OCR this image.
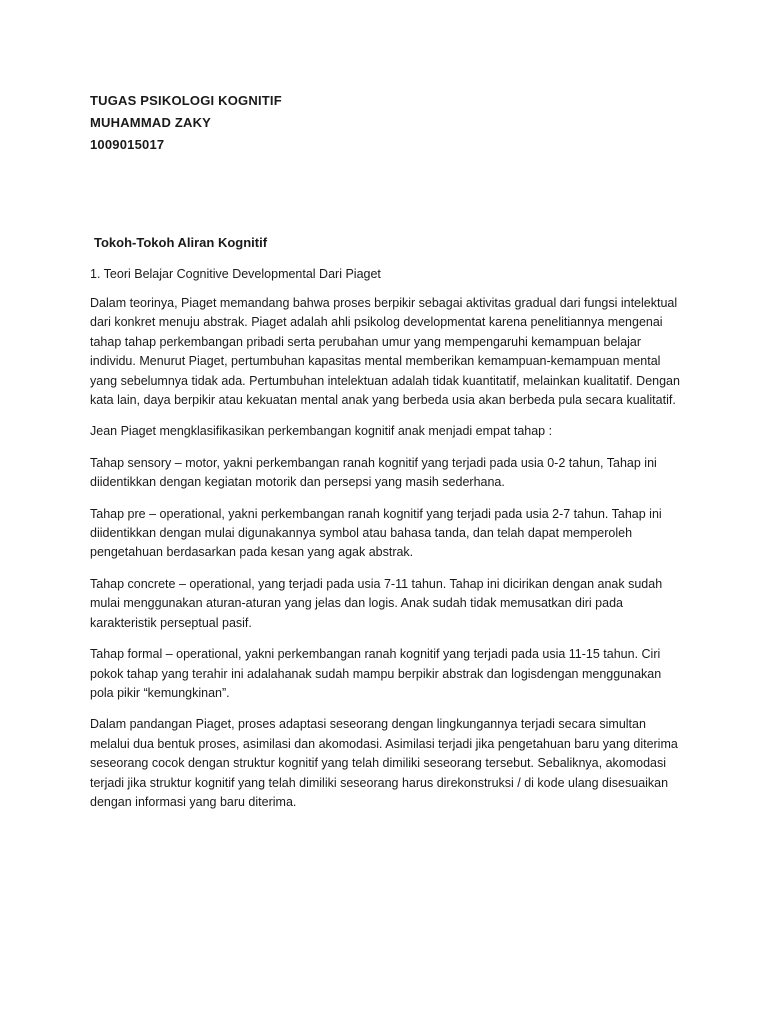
TUGAS PSIKOLOGI KOGNITIF
MUHAMMAD ZAKY
1009015017
Tokoh-Tokoh Aliran Kognitif

1. Teori Belajar Cognitive Developmental Dari Piaget

Dalam teorinya, Piaget memandang bahwa proses berpikir sebagai aktivitas gradual dari fungsi intelektual dari konkret menuju abstrak. Piaget adalah ahli psikolog developmentat karena penelitiannya mengenai tahap tahap perkembangan pribadi serta perubahan umur yang mempengaruhi kemampuan belajar individu. Menurut Piaget, pertumbuhan kapasitas mental memberikan kemampuan-kemampuan mental yang sebelumnya tidak ada. Pertumbuhan intelektuan adalah tidak kuantitatif, melainkan kualitatif. Dengan kata lain, daya berpikir atau kekuatan mental anak yang berbeda usia akan berbeda pula secara kualitatif.

Jean Piaget mengklasifikasikan perkembangan kognitif anak menjadi empat tahap :

Tahap sensory – motor, yakni perkembangan ranah kognitif yang terjadi pada usia 0-2 tahun, Tahap ini diidentikkan dengan kegiatan motorik dan persepsi yang masih sederhana.

Tahap pre – operational, yakni perkembangan ranah kognitif yang terjadi pada usia 2-7 tahun. Tahap ini diidentikkan dengan mulai digunakannya symbol atau bahasa tanda, dan telah dapat memperoleh pengetahuan berdasarkan pada kesan yang agak abstrak.

Tahap concrete – operational, yang terjadi pada usia 7-11 tahun. Tahap ini dicirikan dengan anak sudah mulai menggunakan aturan-aturan yang jelas dan logis. Anak sudah tidak memusatkan diri pada karakteristik perseptual pasif.

Tahap formal – operational, yakni perkembangan ranah kognitif yang terjadi pada usia 11-15 tahun. Ciri pokok tahap yang terahir ini adalahanak sudah mampu berpikir abstrak dan logisdengan menggunakan pola pikir “kemungkinan”.

Dalam pandangan Piaget, proses adaptasi seseorang dengan lingkungannya terjadi secara simultan melalui dua bentuk proses, asimilasi dan akomodasi. Asimilasi terjadi jika pengetahuan baru yang diterima seseorang cocok dengan struktur kognitif yang telah dimiliki seseorang tersebut. Sebaliknya, akomodasi terjadi jika struktur kognitif yang telah dimiliki seseorang harus direkonstruksi / di kode ulang disesuaikan dengan informasi yang baru diterima.
